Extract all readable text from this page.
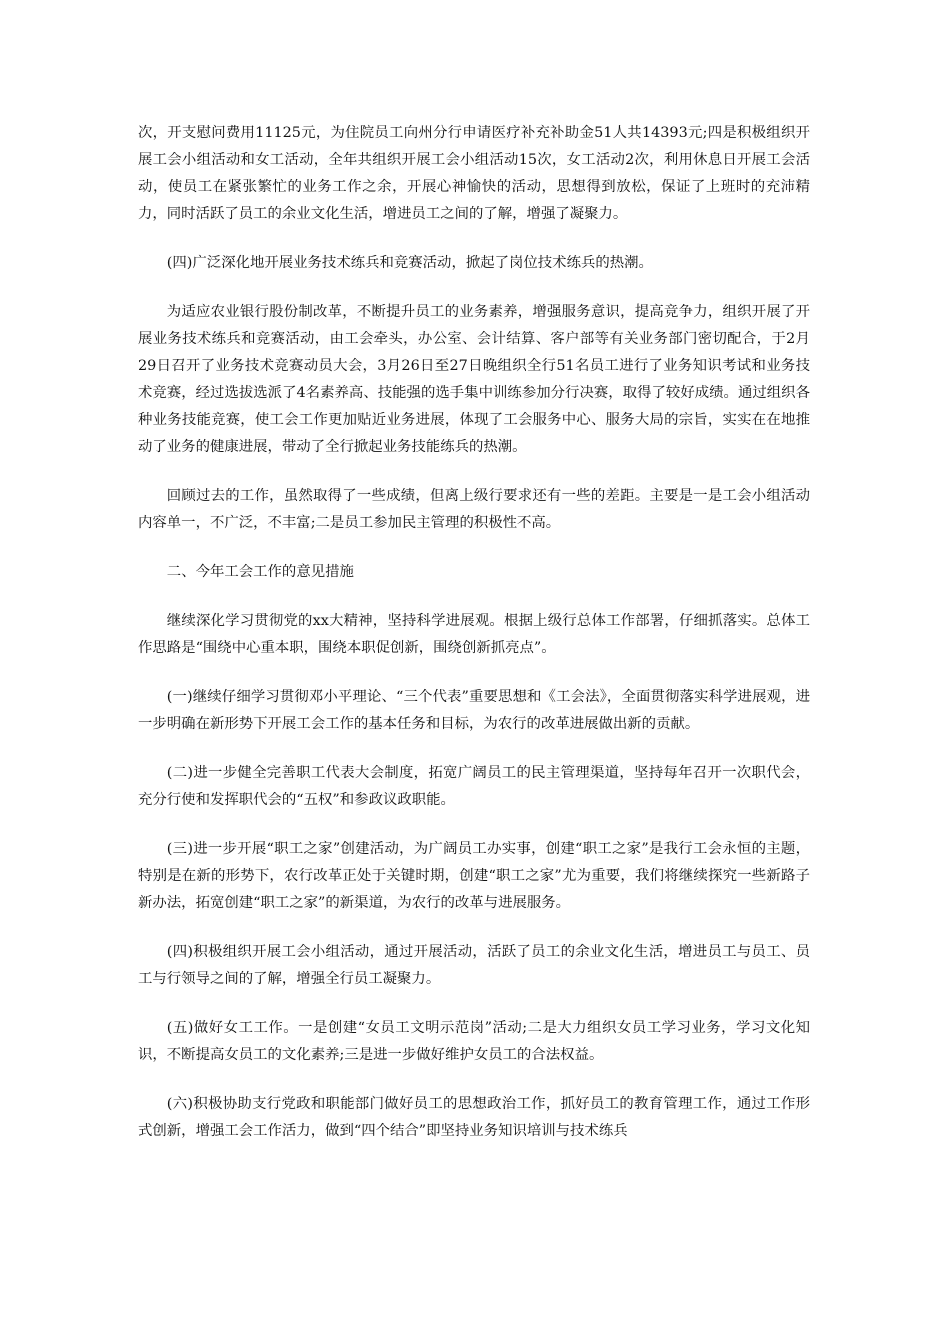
次，开支慰问费用11125元，为住院员工向州分行申请医疗补充补助金51人共14393元;四是积极组织开展工会小组活动和女工活动，全年共组织开展工会小组活动15次，女工活动2次，利用休息日开展工会活动，使员工在紧张繁忙的业务工作之余，开展心神愉快的活动，思想得到放松，保证了上班时的充沛精力，同时活跃了员工的余业文化生活，增进员工之间的了解，增强了凝聚力。

(四)广泛深化地开展业务技术练兵和竞赛活动，掀起了岗位技术练兵的热潮。

为适应农业银行股份制改革，不断提升员工的业务素养，增强服务意识，提高竞争力，组织开展了开展业务技术练兵和竞赛活动，由工会牵头，办公室、会计结算、客户部等有关业务部门密切配合，于2月29日召开了业务技术竞赛动员大会，3月26日至27日晚组织全行51名员工进行了业务知识考试和业务技术竞赛，经过选拔选派了4名素养高、技能强的选手集中训练参加分行决赛，取得了较好成绩。通过组织各种业务技能竞赛，使工会工作更加贴近业务进展，体现了工会服务中心、服务大局的宗旨，实实在在地推动了业务的健康进展，带动了全行掀起业务技能练兵的热潮。

回顾过去的工作，虽然取得了一些成绩，但离上级行要求还有一些的差距。主要是一是工会小组活动内容单一，不广泛，不丰富;二是员工参加民主管理的积极性不高。

二、今年工会工作的意见措施

继续深化学习贯彻党的xx大精神，坚持科学进展观。根据上级行总体工作部署，仔细抓落实。总体工作思路是“围绕中心重本职，围绕本职促创新，围绕创新抓亮点”。

(一)继续仔细学习贯彻邓小平理论、“三个代表”重要思想和《工会法》，全面贯彻落实科学进展观，进一步明确在新形势下开展工会工作的基本任务和目标，为农行的改革进展做出新的贡献。

(二)进一步健全完善职工代表大会制度，拓宽广阔员工的民主管理渠道，坚持每年召开一次职代会，充分行使和发挥职代会的“五权”和参政议政职能。

(三)进一步开展“职工之家”创建活动，为广阔员工办实事，创建“职工之家”是我行工会永恒的主题，特别是在新的形势下，农行改革正处于关键时期，创建“职工之家”尤为重要，我们将继续探究一些新路子新办法，拓宽创建“职工之家”的新渠道，为农行的改革与进展服务。

(四)积极组织开展工会小组活动，通过开展活动，活跃了员工的余业文化生活，增进员工与员工、员工与行领导之间的了解，增强全行员工凝聚力。

(五)做好女工工作。一是创建“女员工文明示范岗”活动;二是大力组织女员工学习业务，学习文化知识，不断提高女员工的文化素养;三是进一步做好维护女员工的合法权益。

(六)积极协助支行党政和职能部门做好员工的思想政治工作，抓好员工的教育管理工作，通过工作形式创新，增强工会工作活力，做到“四个结合”即坚持业务知识培训与技术练兵
